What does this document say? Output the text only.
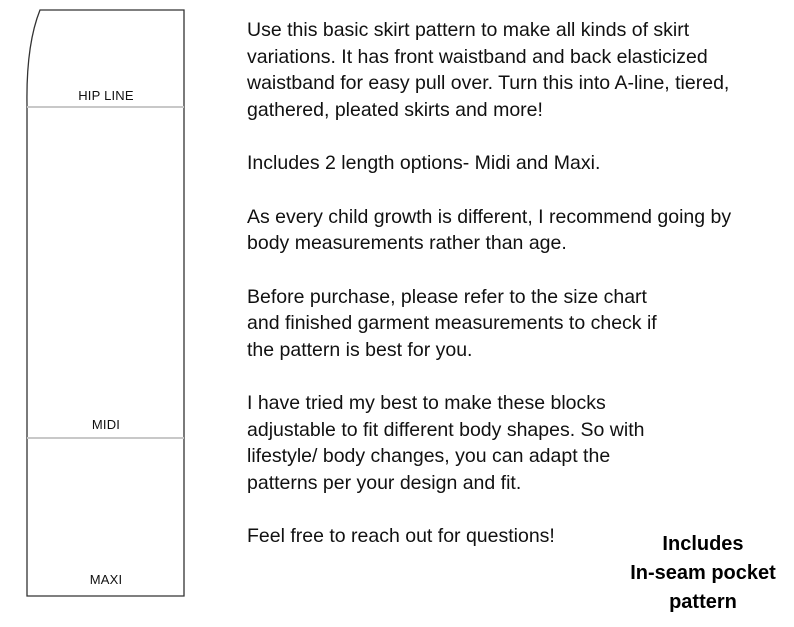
HIP LINE
MIDI
MAXI

Use this basic skirt pattern to make all kinds of skirt
variations. It has front waistband and back elasticized
waistband for easy pull over. Turn this into A-line, tiered,
gathered, pleated skirts and more!

Includes 2 length options- Midi and Maxi.

As every child growth is different, I recommend going by
body measurements rather than age.

Before purchase, please refer to the size chart
and finished garment measurements to check if
the pattern is best for you.

I have tried my best to make these blocks
adjustable to fit different body shapes. So with
lifestyle/ body changes, you can adapt the
patterns per your design and fit.

Feel free to reach out for questions!	Includes
In-seam pocket
pattern
